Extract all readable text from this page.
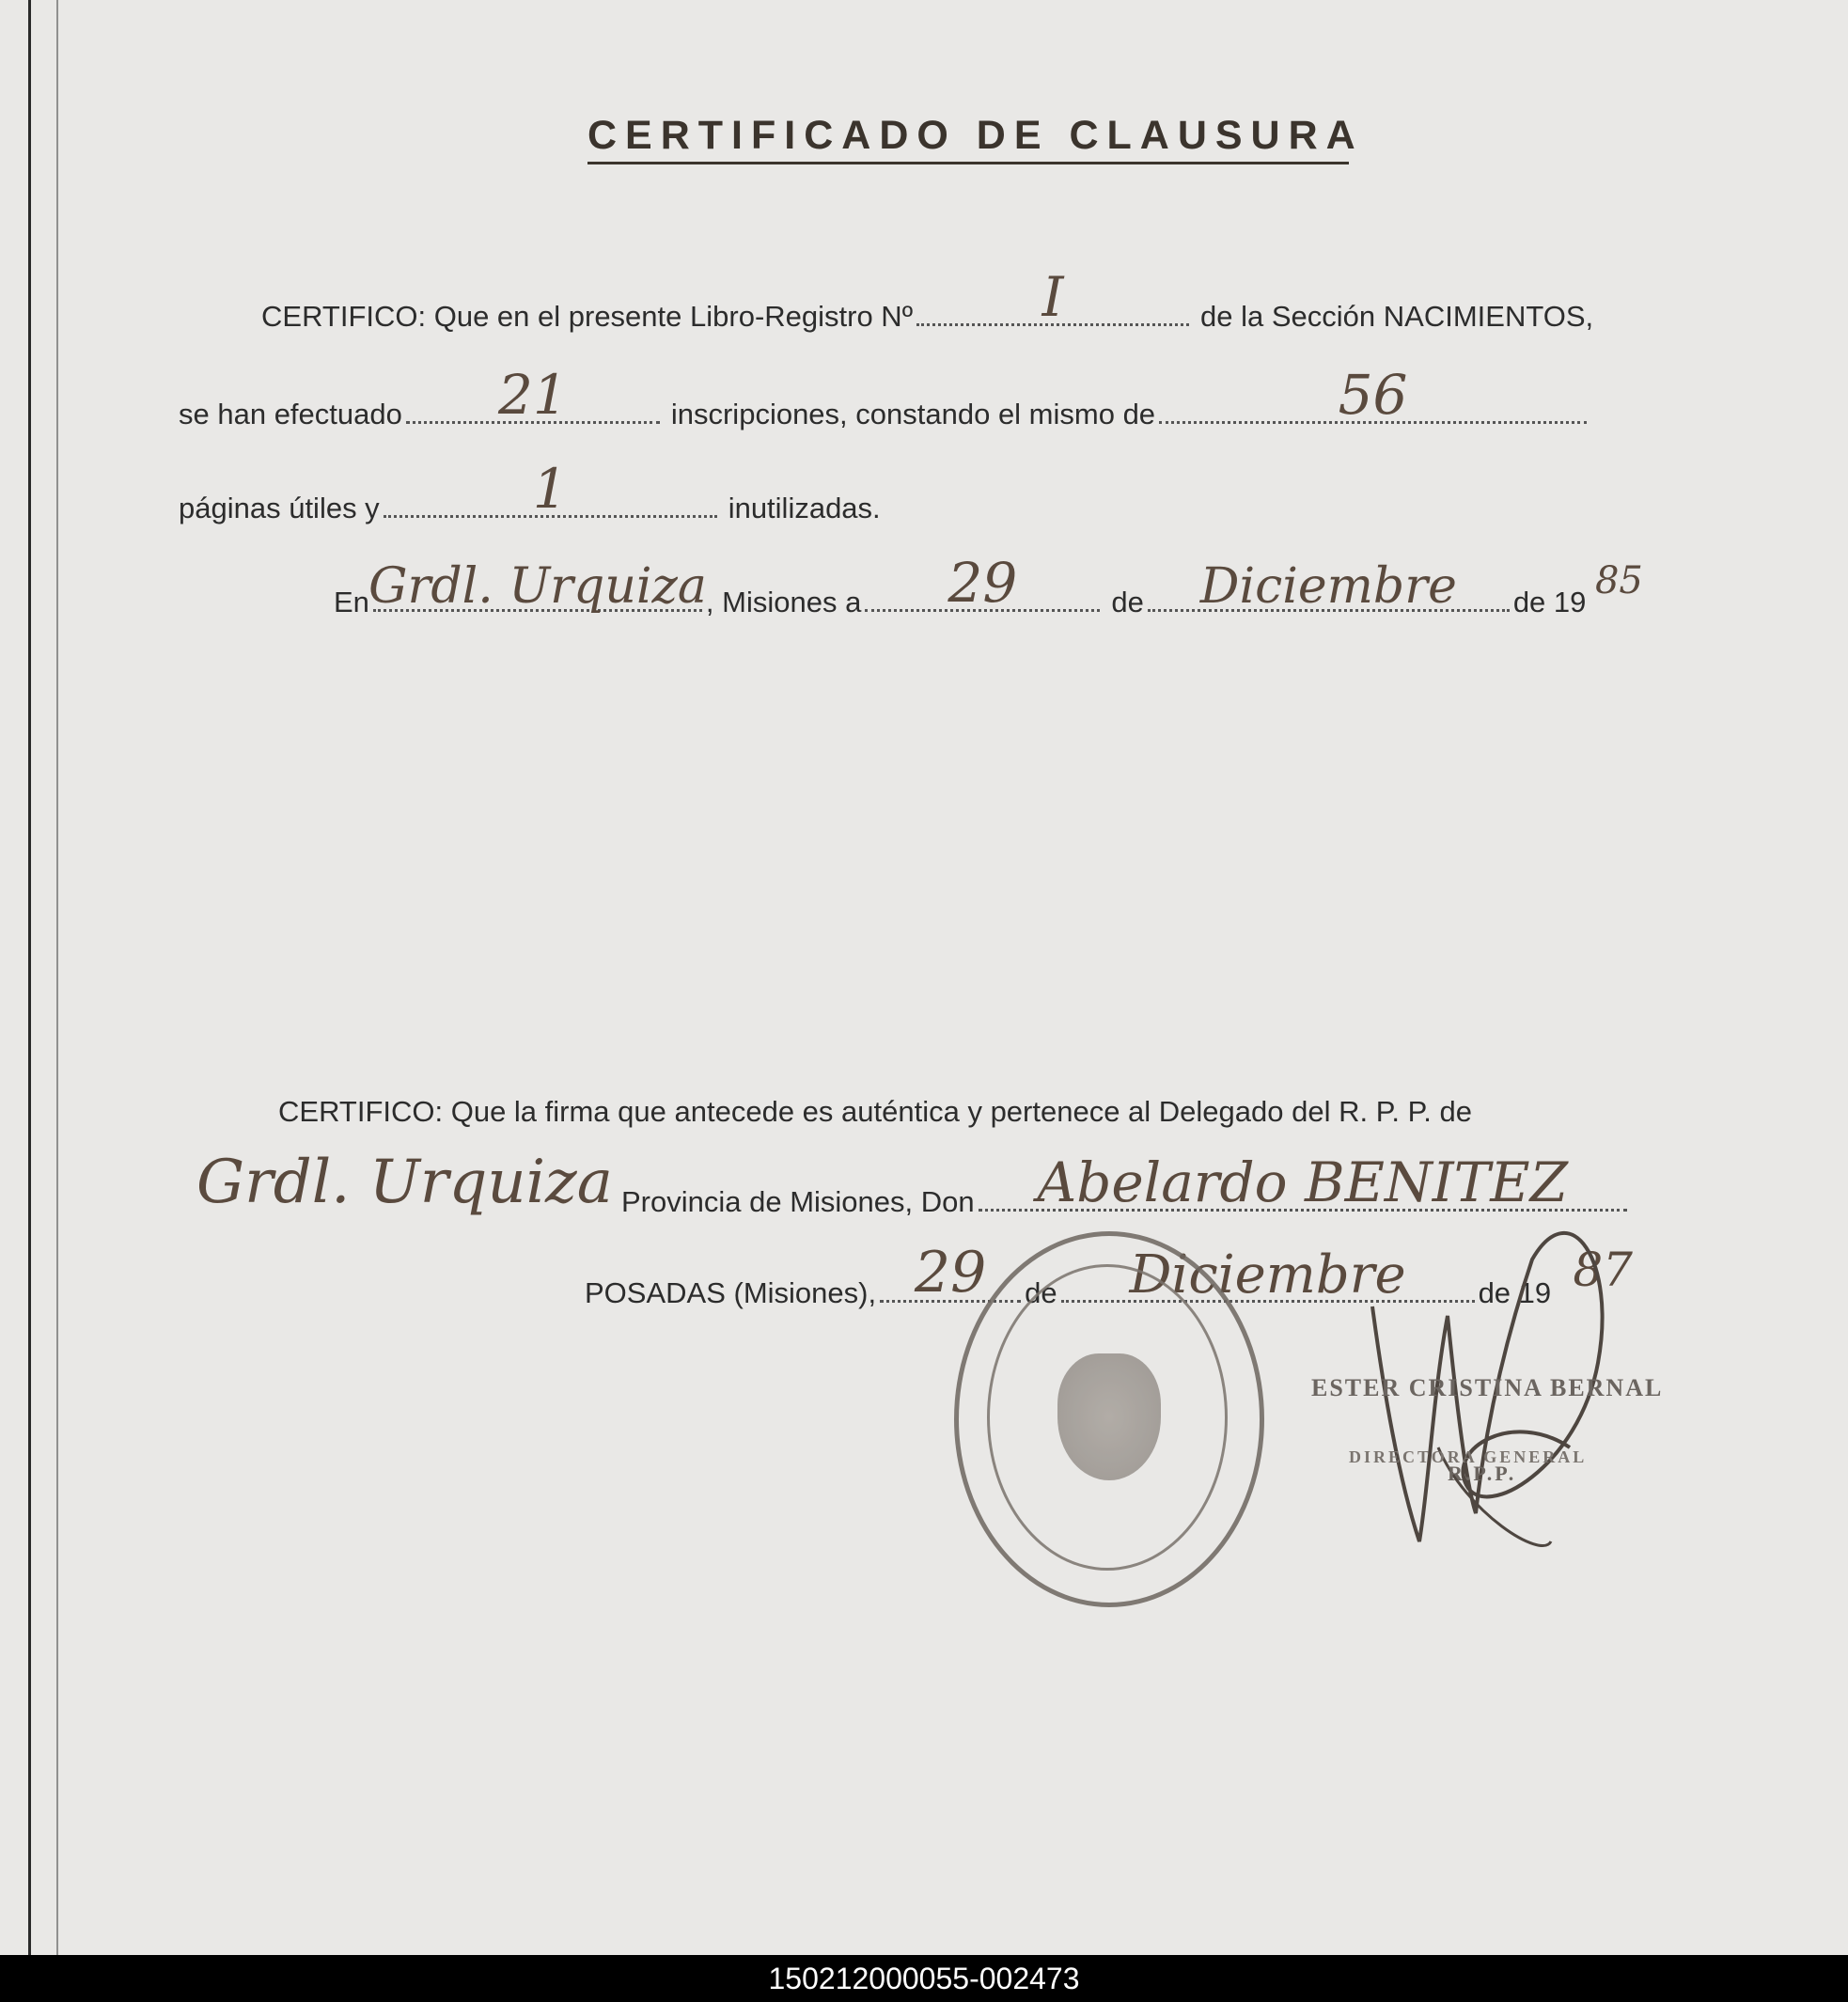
CERTIFICADO DE CLAUSURA
CERTIFICO: Que en el presente Libro-Registro Nº I	de la Sección NACIMIENTOS,
se han efectuado 21	inscripciones, constando el mismo de	56
páginas útiles y	1	inutilizadas.
En Grdl. Urquiza , Misiones a 29	de Diciembre de 19 85
CERTIFICO: Que la firma que antecede es auténtica y pertenece al Delegado del R. P. P. de
Grdl. Urquiza Provincia de Misiones, Don Abelardo BENITEZ
POSADAS (Misiones), 29 de Diciembre de 19 87
ESTER CRISTINA BERNAL
DIRECTORA GENERAL
R.P.P.
150212000055-002473
